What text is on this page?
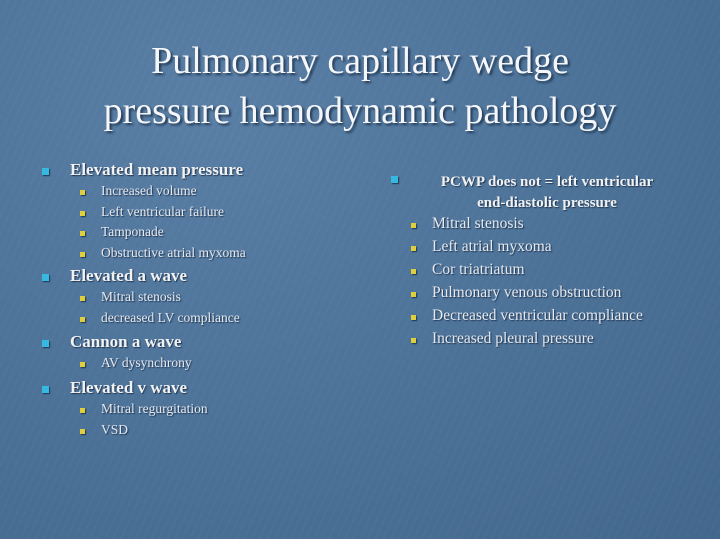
Pulmonary capillary wedge
pressure hemodynamic pathology
Elevated mean pressure
Increased volume
Left ventricular failure
Tamponade
Obstructive atrial myxoma
Elevated a wave
Mitral stenosis
decreased LV compliance
Cannon a wave
AV dysynchrony
Elevated v wave
Mitral regurgitation
VSD
PCWP does not = left ventricular
end-diastolic pressure
Mitral stenosis
Left atrial myxoma
Cor triatriatum
Pulmonary venous obstruction
Decreased ventricular compliance
Increased pleural pressure
